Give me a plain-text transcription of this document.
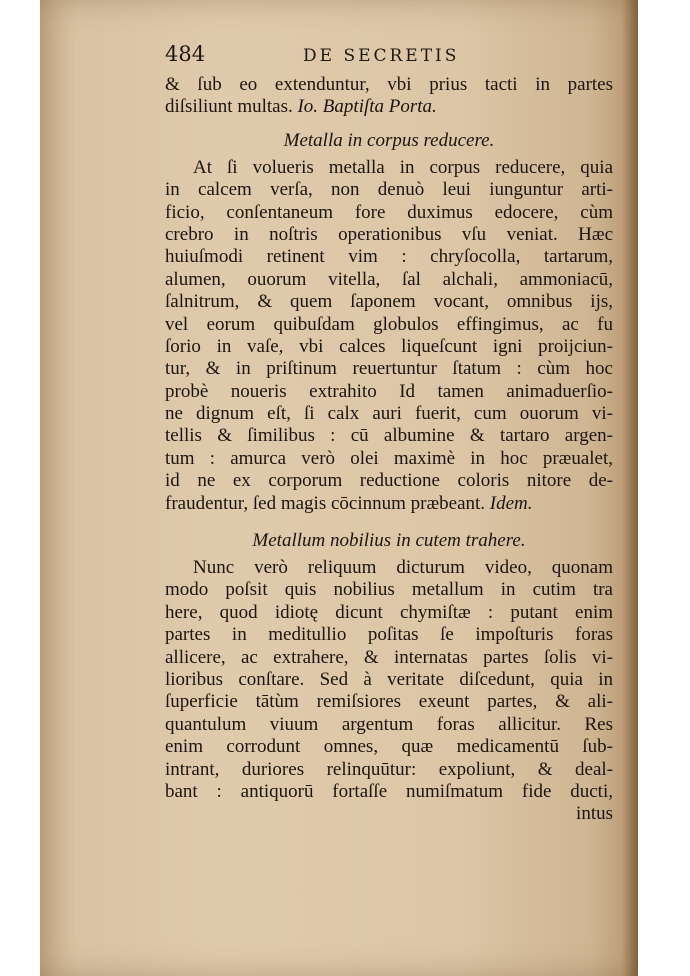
484	DE SECRETIS
& ſub eo extenduntur, vbi prius tacti in partes
diſsiliunt multas. Io. Baptiſta Porta.
Metalla in corpus reducere.
At ſi volueris metalla in corpus reducere, quia
in calcem verſa, non denuò leui iunguntur arti-
ficio, conſentaneum fore duximus edocere, cùm
crebro in noſtris operationibus vſu veniat. Hæc
huiuſmodi retinent vim : chryſocolla, tartarum,
alumen, ouorum vitella, ſal alchali, ammoniacū,
ſalnitrum, & quem ſaponem vocant, omnibus ijs,
vel eorum quibuſdam globulos effingimus, ac fu
ſorio in vaſe, vbi calces liqueſcunt igni proijciun-
tur, & in priſtinum reuertuntur ſtatum : cùm hoc
probè noueris extrahito Id tamen animaduerſio-
ne dignum eſt, ſi calx auri fuerit, cum ouorum vi-
tellis & ſimilibus : cū albumine & tartaro argen-
tum : amurca verò olei maximè in hoc præualet,
id ne ex corporum reductione coloris nitore de-
fraudentur, ſed magis cōcinnum præbeant. Idem.
Metallum nobilius in cutem trahere.
Nunc verò reliquum dicturum video, quonam
modo poſsit quis nobilius metallum in cutim tra
here, quod idiotę dicunt chymiſtæ : putant enim
partes in meditullio poſitas ſe impoſturis foras
allicere, ac extrahere, & internatas partes ſolis vi-
lioribus conſtare. Sed à veritate diſcedunt, quia in
ſuperficie tātùm remiſsiores exeunt partes, & ali-
quantulum viuum argentum foras allicitur. Res
enim corrodunt omnes, quæ medicamentū ſub-
intrant, duriores relinquūtur: expoliunt, & deal-
bant : antiquorū fortaſſe numiſmatum fide ducti,
intus
